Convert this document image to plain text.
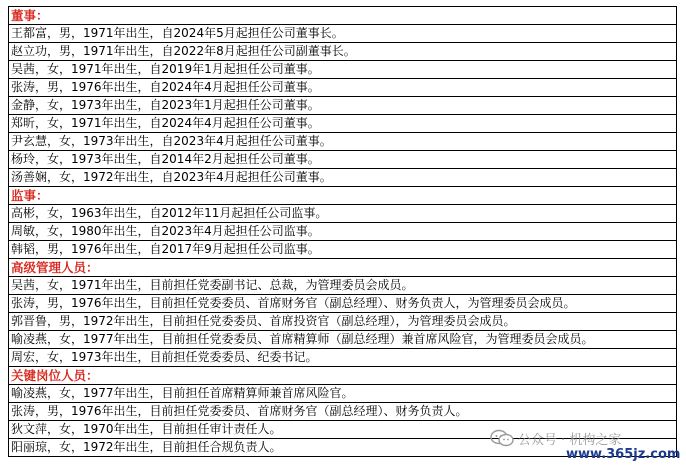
董事：
王都富，男，1971年出生，自2024年5月起担任公司董事长。
赵立功，男，1971年出生，自2022年8月起担任公司副董事长。
吴茜，女，1971年出生，自2019年1月起担任公司董事。
张涛，男，1976年出生，自2024年4月起担任公司董事。
金静，女，1973年出生，自2023年1月起担任公司董事。
郑昕，女，1971年出生，自2024年4月起担任公司董事。
尹玄慧，女，1973年出生，自2023年4月起担任公司董事。
杨玲，女，1973年出生，自2014年2月起担任公司董事。
汤善娴，女，1972年出生，自2023年4月起担任公司董事。
监事：
高彬，女，1963年出生，自2012年11月起担任公司监事。
周敏，女，1980年出生，自2023年4月起担任公司监事。
韩韬，男，1976年出生，自2017年9月起担任公司监事。
高级管理人员：
吴茜，女，1971年出生，目前担任党委副书记、总裁，为管理委员会成员。
张涛，男，1976年出生，目前担任党委委员、首席财务官（副总经理）、财务负责人，为管理委员会成员。
郭晋鲁，男，1972年出生，目前担任党委委员、首席投资官（副总经理），为管理委员会成员。
喻凌燕，女，1977年出生，目前担任党委委员、首席精算师（副总经理）兼首席风险官，为管理委员会成员。
周宏，女，1973年出生，目前担任党委委员、纪委书记。
关键岗位人员：
喻凌燕，女，1977年出生，目前担任首席精算师兼首席风险官。
张涛，男，1976年出生，目前担任党委委员、首席财务官（副总经理）、财务负责人。
狄文萍，女，1970年出生，目前担任审计责任人。
阳丽琼，女，1972年出生，目前担任合规负责人。	公众号 · 机构之家
www.365jz.com
